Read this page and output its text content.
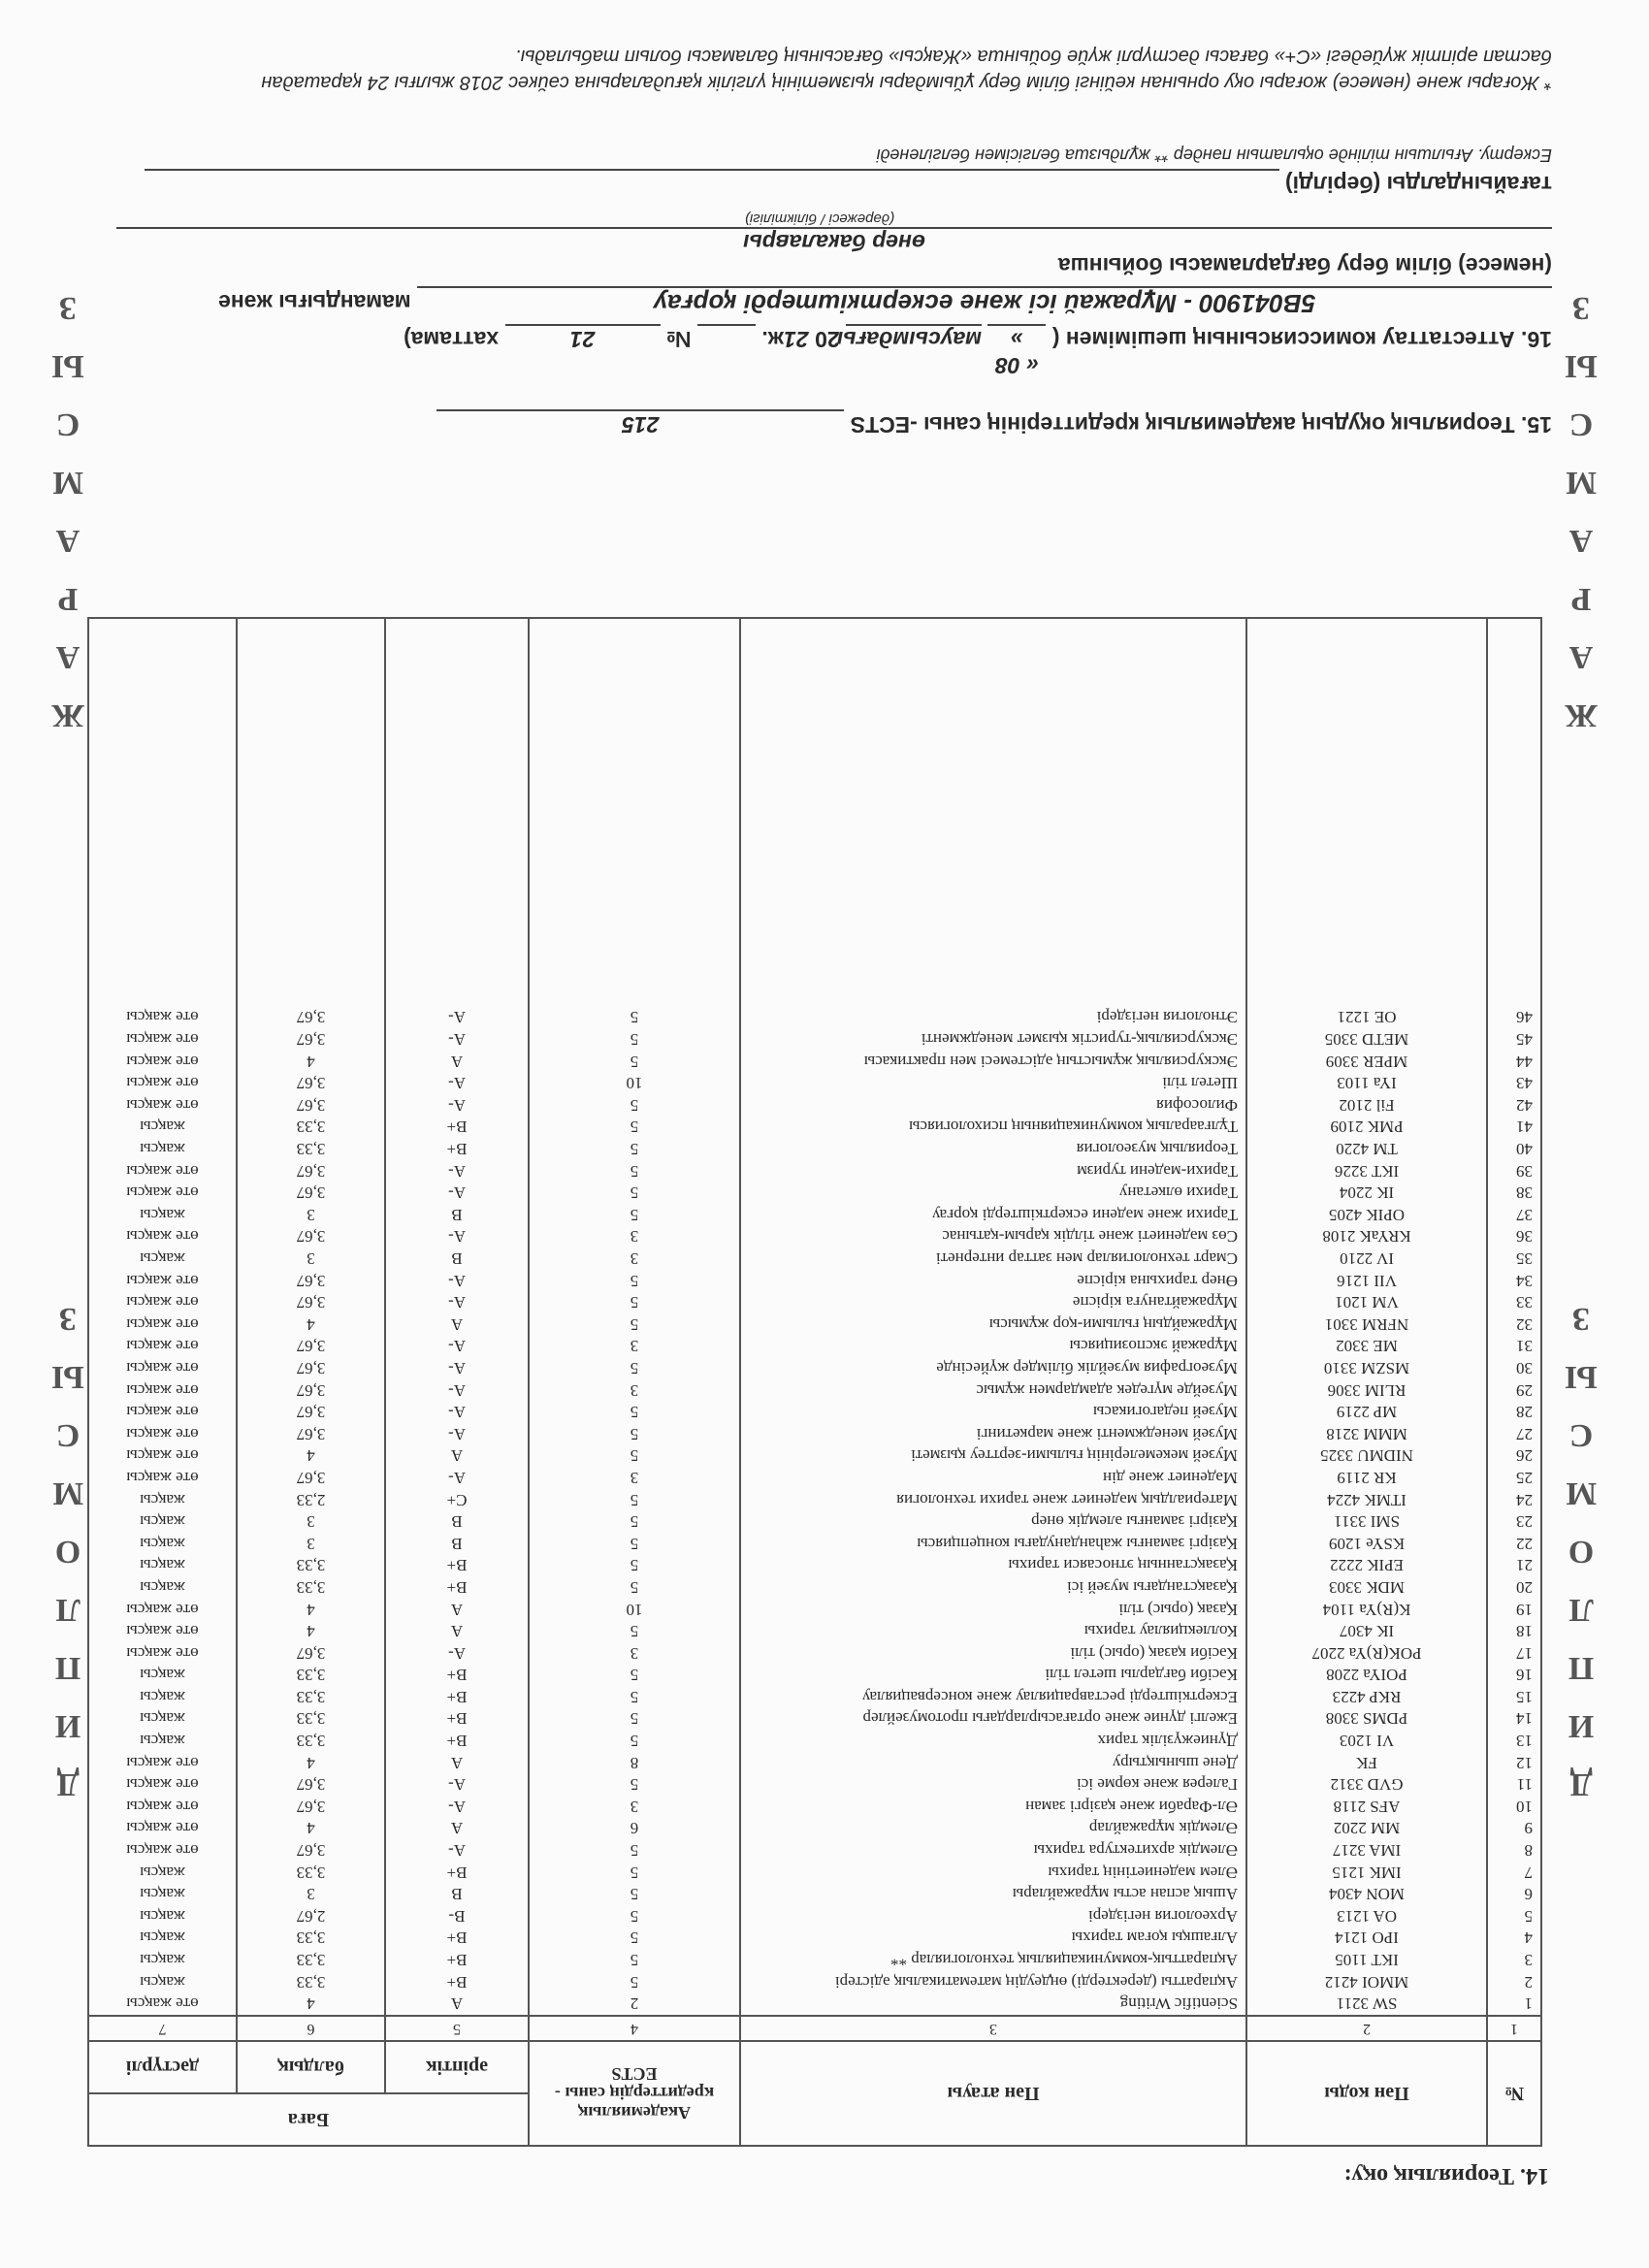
Д
И
П
Л
О
М
С
Ы
З
Ж
А
Р
А
М
С
Ы
З
Д
И
П
Л
О
М
С
Ы
З
Ж
А
Р
А
М
С
Ы
З
14. Теориялық оқу:
№	Пән коды	Пән атауы	Академиялық кредиттердің саны - ECTS	Баға		
				әріптік	балдық	дәстүрлі
1	2	3	4	5	6	7
1	SW 3211	Scientific Writing	2	A	4	өте жақсы
2	MMOI 4212	Ақпаратты (деректерді) өңдеудің математикалық әдістері	5	B+	3,33	жақсы
3	IKT 1105	Ақпараттық-коммуникациялық технологиялар **	5	B+	3,33	жақсы
4	IPO 1214	Алғашқы қоғам тарихы	5	B+	3,33	жақсы
5	OA 1213	Археология негіздері	5	B-	2,67	жақсы
6	MON 4304	Ашық аспан асты мұражайлары	5	B	3	жақсы
7	IMK 1215	Әлем мәдениетінің тарихы	5	B+	3,33	жақсы
8	IMA 3217	Әлемдік архитектура тарихы	5	A-	3,67	өте жақсы
9	MM 2202	Әлемдік мұражайлар	6	A	4	өте жақсы
10	AFS 2118	Әл-Фараби және қазіргі заман	3	A-	3,67	өте жақсы
11	GVD 3312	Галерея және көрме ісі	5	A-	3,67	өте жақсы
12	FK	Дене шынықтыру	8	A	4	өте жақсы
13	VI 1203	Дүниежүзілік тарих	5	B+	3,33	жақсы
14	PDMS 3308	Ежелгі дүние және ортағасырлардағы протомузейлер	5	B+	3,33	жақсы
15	RKP 4223	Ескерткіштерді реставрациялау және консервациялау	5	B+	3,33	жақсы
16	POIYa 2208	Кәсіби бағдарлы шетел тілі	5	B+	3,33	жақсы
17	POK(R)Ya 2207	Кәсіби қазақ (орыс) тілі	3	A-	3,67	өте жақсы
18	IK 4307	Коллекциялау тарихы	5	A	4	өте жақсы
19	K(R)Ya 1104	Қазақ (орыс) тілі	10	A	4	өте жақсы
20	MDK 3303	Қазақстандағы музей ісі	5	B+	3,33	жақсы
21	EPIK 2222	Қазақстанның этносаяси тарихы	5	B+	3,33	жақсы
22	KSYe 1209	Қазіргі заманғы жаһанданудағы концепциясы	5	B	3	жақсы
23	SMI 3311	Қазіргі заманғы әлемдік өнер	5	B	3	жақсы
24	ITMK 4224	Материалдық мәдениет және тарихи технология	5	C+	2,33	жақсы
25	KR 2119	Мәдениет және дін	3	A-	3,67	өте жақсы
26	NIDMU 3325	Музей мекемелерінің ғылыми-зерттеу қызметі	5	A	4	өте жақсы
27	MMM 3218	Музей менеджменті және маркетингі	5	A-	3,67	өте жақсы
28	MP 2219	Музей педагогикасы	5	A-	3,67	өте жақсы
29	RLIM 3306	Музейде мүгедек адамдармен жұмыс	3	A-	3,67	өте жақсы
30	MSZM 3310	Музеография музейлік білімдер жүйесінде	5	A-	3,67	өте жақсы
31	ME 3302	Мұражай экспозициясы	3	A-	3,67	өте жақсы
32	NFRM 3301	Мұражайдың ғылыми-қор жұмысы	5	A	4	өте жақсы
33	VM 1201	Мұражайтануға кіріспе	5	A-	3,67	өте жақсы
34	VII 1216	Өнер тарихына кіріспе	5	A-	3,67	өте жақсы
35	IV 2210	Смарт технологиялар мен заттар интернеті	3	B	3	жақсы
36	KRYaK 2108	Сөз мәдениеті және тілдік қарым-қатынас	3	A-	3,67	өте жақсы
37	OPIK 4205	Тарихи және мәдени ескерткіштерді қорғау	5	B	3	жақсы
38	IK 2204	Тарихи өлкетану	5	A-	3,67	өте жақсы
39	IKT 3226	Тарихи-мәдени туризм	5	A-	3,67	өте жақсы
40	TM 4220	Теориялық музеология	5	B+	3,33	жақсы
41	PMK 2109	Тұлғааралық коммуникацияның психологиясы	5	B+	3,33	жақсы
42	Fil 2102	Философия	5	A-	3,67	өте жақсы
43	IYa 1103	Шетел тілі	10	A-	3,67	өте жақсы
44	MPER 3309	Экскурсиялық жұмыстың әдістемесі мен практикасы	5	A	4	өте жақсы
45	METD 3305	Экскурсиялық-туристік қызмет менеджменті	5	A-	3,67	өте жақсы
46	OE 1221	Этнология негіздері	5	A-	3,67	өте жақсы

15. Теориялық оқудың академиялық кредиттерінің саны -ECTS 215
16. Аттестаттау комиссиясының шешімімен ( « 08 » маусымдағы 20 21ж.   № 21 хаттама)
5B041900 - Мұражай ісі және ескерткіштерді қорғау мамандығы және
(немесе) білім беру бағдарламасы бойынша
өнер бакалавры
(дәрежесі / біліктілігі)
тағайындалды (берілді)
Ескерту. Ағылшын тілінде оқылатын пәндер ** жұлдызша белгісімен белгіленеді
* Жоғары және (немесе) жоғары оқу орнынан кейінгі білім беру ұйымдары қызметінің үлгілік қағидаларына сәйкес 2018 жылғы 24 қарашадан
бастап әріптік жүйедегі «С+» бағасы дәстүрлі жүйе бойынша «Жақсы» бағасының баламасы болып табылады.
